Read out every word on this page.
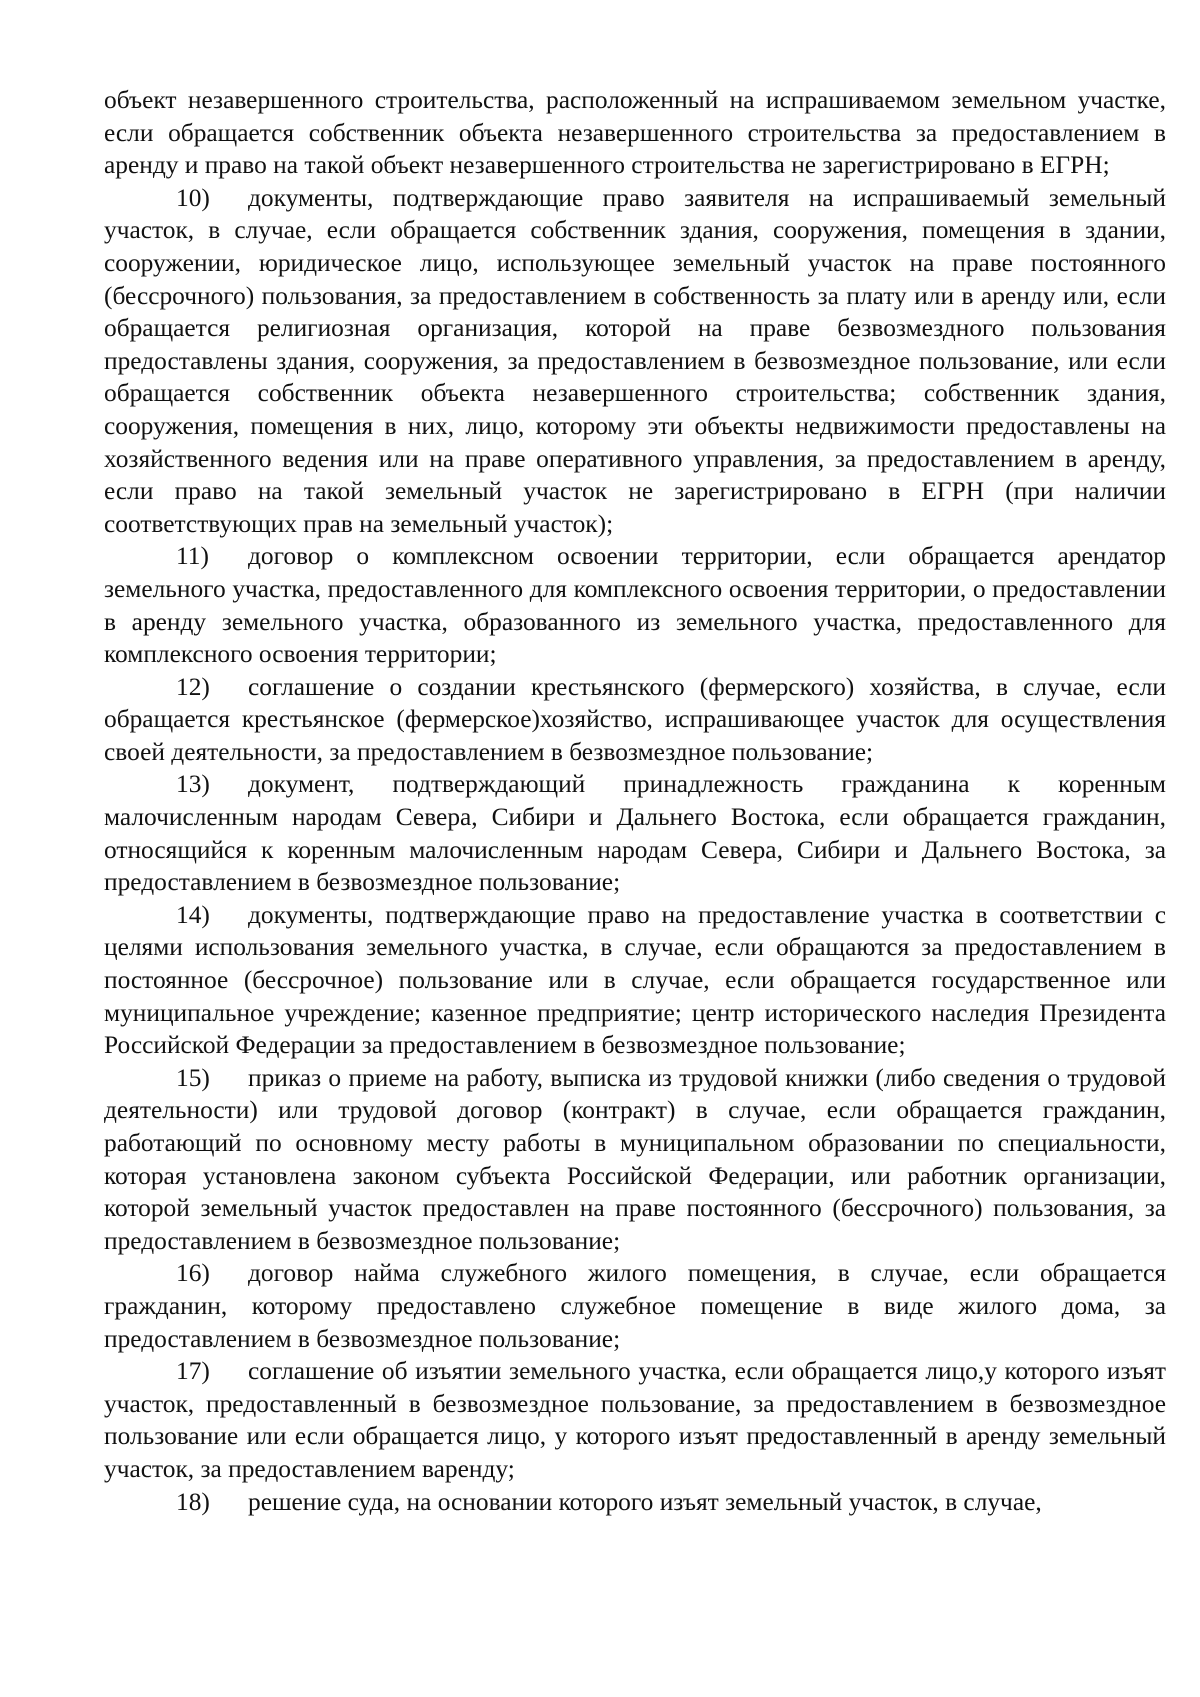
объект незавершенного строительства, расположенный на испрашиваемом земельном участке, если обращается собственник объекта незавершенного строительства за предоставлением в аренду и право на такой объект незавершенного строительства не зарегистрировано в ЕГРН;

10) документы, подтверждающие право заявителя на испрашиваемый земельный участок, в случае, если обращается собственник здания, сооружения, помещения в здании, сооружении, юридическое лицо, использующее земельный участок на праве постоянного (бессрочного) пользования, за предоставлением в собственность за плату или в аренду или, если обращается религиозная организация, которой на праве безвозмездного пользования предоставлены здания, сооружения, за предоставлением в безвозмездное пользование, или если обращается собственник объекта незавершенного строительства; собственник здания, сооружения, помещения в них, лицо, которому эти объекты недвижимости предоставлены на хозяйственного ведения или на праве оперативного управления, за предоставлением в аренду, если право на такой земельный участок не зарегистрировано в ЕГРН (при наличии соответствующих прав на земельный участок);

11) договор о комплексном освоении территории, если обращается арендатор земельного участка, предоставленного для комплексного освоения территории, о предоставлении в аренду земельного участка, образованного из земельного участка, предоставленного для комплексного освоения территории;

12) соглашение о создании крестьянского (фермерского) хозяйства, в случае, если обращается крестьянское (фермерское)хозяйство, испрашивающее участок для осуществления своей деятельности, за предоставлением в безвозмездное пользование;

13) документ, подтверждающий принадлежность гражданина к коренным малочисленным народам Севера, Сибири и Дальнего Востока, если обращается гражданин, относящийся к коренным малочисленным народам Севера, Сибири и Дальнего Востока, за предоставлением в безвозмездное пользование;

14) документы, подтверждающие право на предоставление участка в соответствии с целями использования земельного участка, в случае, если обращаются за предоставлением в постоянное (бессрочное) пользование или в случае, если обращается государственное или муниципальное учреждение; казенное предприятие; центр исторического наследия Президента Российской Федерации за предоставлением в безвозмездное пользование;

15) приказ о приеме на работу, выписка из трудовой книжки (либо сведения о трудовой деятельности) или трудовой договор (контракт) в случае, если обращается гражданин, работающий по основному месту работы в муниципальном образовании по специальности, которая установлена законом субъекта Российской Федерации, или работник организации, которой земельный участок предоставлен на праве постоянного (бессрочного) пользования, за предоставлением в безвозмездное пользование;

16) договор найма служебного жилого помещения, в случае, если обращается гражданин, которому предоставлено служебное помещение в виде жилого дома, за предоставлением в безвозмездное пользование;

17) соглашение об изъятии земельного участка, если обращается лицо,у которого изъят участок, предоставленный в безвозмездное пользование, за предоставлением в безвозмездное пользование или если обращается лицо, у которого изъят предоставленный в аренду земельный участок, за предоставлением варенду;

18) решение суда, на основании которого изъят земельный участок, в случае,
